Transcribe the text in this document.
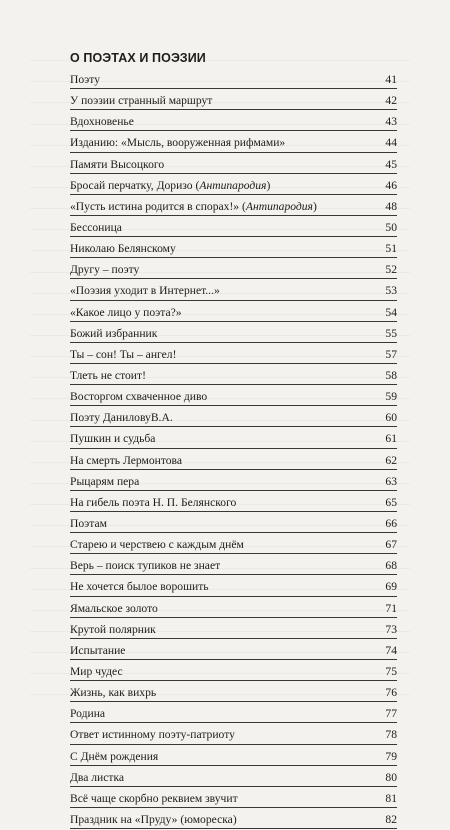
О ПОЭТАХ И ПОЭЗИИ
Поэту	41
У поэзии странный маршрут	42
Вдохновенье	43
Изданию: «Мысль, вооруженная рифмами»	44
Памяти Высоцкого	45
Бросай перчатку, Доризо (Антипародия)	46
«Пусть истина родится в спорах!» (Антипародия)	48
Бессоница	50
Николаю Белянскому	51
Другу – поэту	52
«Поэзия уходит в Интернет...»	53
«Какое лицо у поэта?»	54
Божий избранник	55
Ты – сон! Ты – ангел!	57
Тлеть не стоит!	58
Восторгом схваченное диво	59
Поэту ДаниловуВ.А.	60
Пушкин и судьба	61
На смерть Лермонтова	62
Рыцарям пера	63
На гибель поэта Н. П. Белянского	65
Поэтам	66
Старею и черствею с каждым днём	67
Верь – поиск тупиков не знает	68
Не хочется былое ворошить	69
Ямальское золото	71
Крутой полярник	73
Испытание	74
Мир чудес	75
Жизнь, как вихрь	76
Родина	77
Ответ истинному поэту-патриоту	78
С Днём рождения	79
Два листка	80
Всё чаще скорбно реквием звучит	81
Праздник на «Пруду» (юмореска)	82
